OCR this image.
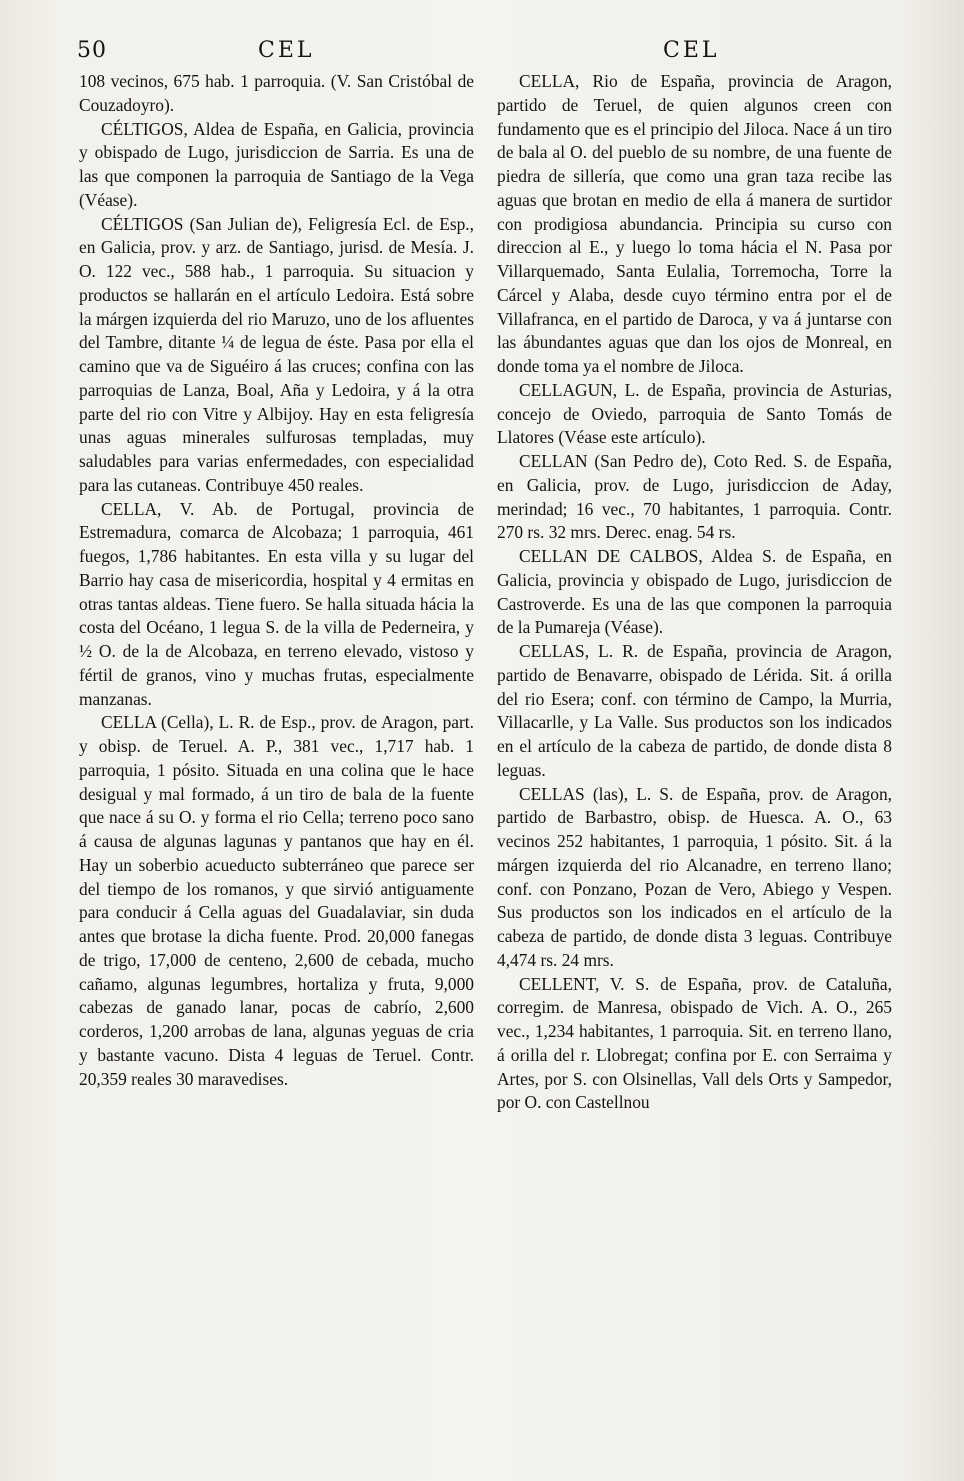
50	CEL	CEL

108 vecinos, 675 hab. 1 parroquia. (V. San Cristóbal de Couzadoyro).

CÉLTIGOS, Aldea de España, en Galicia, provincia y obispado de Lugo, jurisdiccion de Sarria. Es una de las que componen la parroquia de Santiago de la Vega (Véase).

CÉLTIGOS (San Julian de), Feligresía Ecl. de Esp., en Galicia, prov. y arz. de Santiago, jurisd. de Mesía. J. O. 122 vec., 588 hab., 1 parroquia. Su situacion y productos se hallarán en el artículo Ledoira. Está sobre la márgen izquierda del rio Maruzo, uno de los afluentes del Tambre, ditante ¼ de legua de éste. Pasa por ella el camino que va de Siguéiro á las cruces; confina con las parroquias de Lanza, Boal, Aña y Ledoira, y á la otra parte del rio con Vitre y Albijoy. Hay en esta feligresía unas aguas minerales sulfurosas templadas, muy saludables para varias enfermedades, con especialidad para las cutaneas. Contribuye 450 reales.

CELLA, V. Ab. de Portugal, provincia de Estremadura, comarca de Alcobaza; 1 parroquia, 461 fuegos, 1,786 habitantes. En esta villa y su lugar del Barrio hay casa de misericordia, hospital y 4 ermitas en otras tantas aldeas. Tiene fuero. Se halla situada hácia la costa del Océano, 1 legua S. de la villa de Pederneira, y ½ O. de la de Alcobaza, en terreno elevado, vistoso y fértil de granos, vino y muchas frutas, especialmente manzanas.

CELLA (Cella), L. R. de Esp., prov. de Aragon, part. y obisp. de Teruel. A. P., 381 vec., 1,717 hab. 1 parroquia, 1 pósito. Situada en una colina que le hace desigual y mal formado, á un tiro de bala de la fuente que nace á su O. y forma el rio Cella; terreno poco sano á causa de algunas lagunas y pantanos que hay en él. Hay un soberbio acueducto subterráneo que parece ser del tiempo de los romanos, y que sirvió antiguamente para conducir á Cella aguas del Guadalaviar, sin duda antes que brotase la dicha fuente. Prod. 20,000 fanegas de trigo, 17,000 de centeno, 2,600 de cebada, mucho cañamo, algunas legumbres, hortaliza y fruta, 9,000 cabezas de ganado lanar, pocas de cabrío, 2,600 corderos, 1,200 arrobas de lana, algunas yeguas de cria y bastante vacuno. Dista 4 leguas de Teruel. Contr. 20,359 reales 30 maravedises.

CELLA, Rio de España, provincia de Aragon, partido de Teruel, de quien algunos creen con fundamento que es el principio del Jiloca. Nace á un tiro de bala al O. del pueblo de su nombre, de una fuente de piedra de sillería, que como una gran taza recibe las aguas que brotan en medio de ella á manera de surtidor con prodigiosa abundancia. Principia su curso con direccion al E., y luego lo toma hácia el N. Pasa por Villarquemado, Santa Eulalia, Torremocha, Torre la Cárcel y Alaba, desde cuyo término entra por el de Villafranca, en el partido de Daroca, y va á juntarse con las ábundantes aguas que dan los ojos de Monreal, en donde toma ya el nombre de Jiloca.

CELLAGUN, L. de España, provincia de Asturias, concejo de Oviedo, parroquia de Santo Tomás de Llatores (Véase este artículo).

CELLAN (San Pedro de), Coto Red. S. de España, en Galicia, prov. de Lugo, jurisdiccion de Aday, merindad; 16 vec., 70 habitantes, 1 parroquia. Contr. 270 rs. 32 mrs. Derec. enag. 54 rs.

CELLAN DE CALBOS, Aldea S. de España, en Galicia, provincia y obispado de Lugo, jurisdiccion de Castroverde. Es una de las que componen la parroquia de la Pumareja (Véase).

CELLAS, L. R. de España, provincia de Aragon, partido de Benavarre, obispado de Lérida. Sit. á orilla del rio Esera; conf. con término de Campo, la Murria, Villacarlle, y La Valle. Sus productos son los indicados en el artículo de la cabeza de partido, de donde dista 8 leguas.

CELLAS (las), L. S. de España, prov. de Aragon, partido de Barbastro, obisp. de Huesca. A. O., 63 vecinos 252 habitantes, 1 parroquia, 1 pósito. Sit. á la márgen izquierda del rio Alcanadre, en terreno llano; conf. con Ponzano, Pozan de Vero, Abiego y Vespen. Sus productos son los indicados en el artículo de la cabeza de partido, de donde dista 3 leguas. Contribuye 4,474 rs. 24 mrs.

CELLENT, V. S. de España, prov. de Cataluña, corregim. de Manresa, obispado de Vich. A. O., 265 vec., 1,234 habitantes, 1 parroquia. Sit. en terreno llano, á orilla del r. Llobregat; confina por E. con Serraima y Artes, por S. con Olsinellas, Vall dels Orts y Sampedor, por O. con Castellnou
